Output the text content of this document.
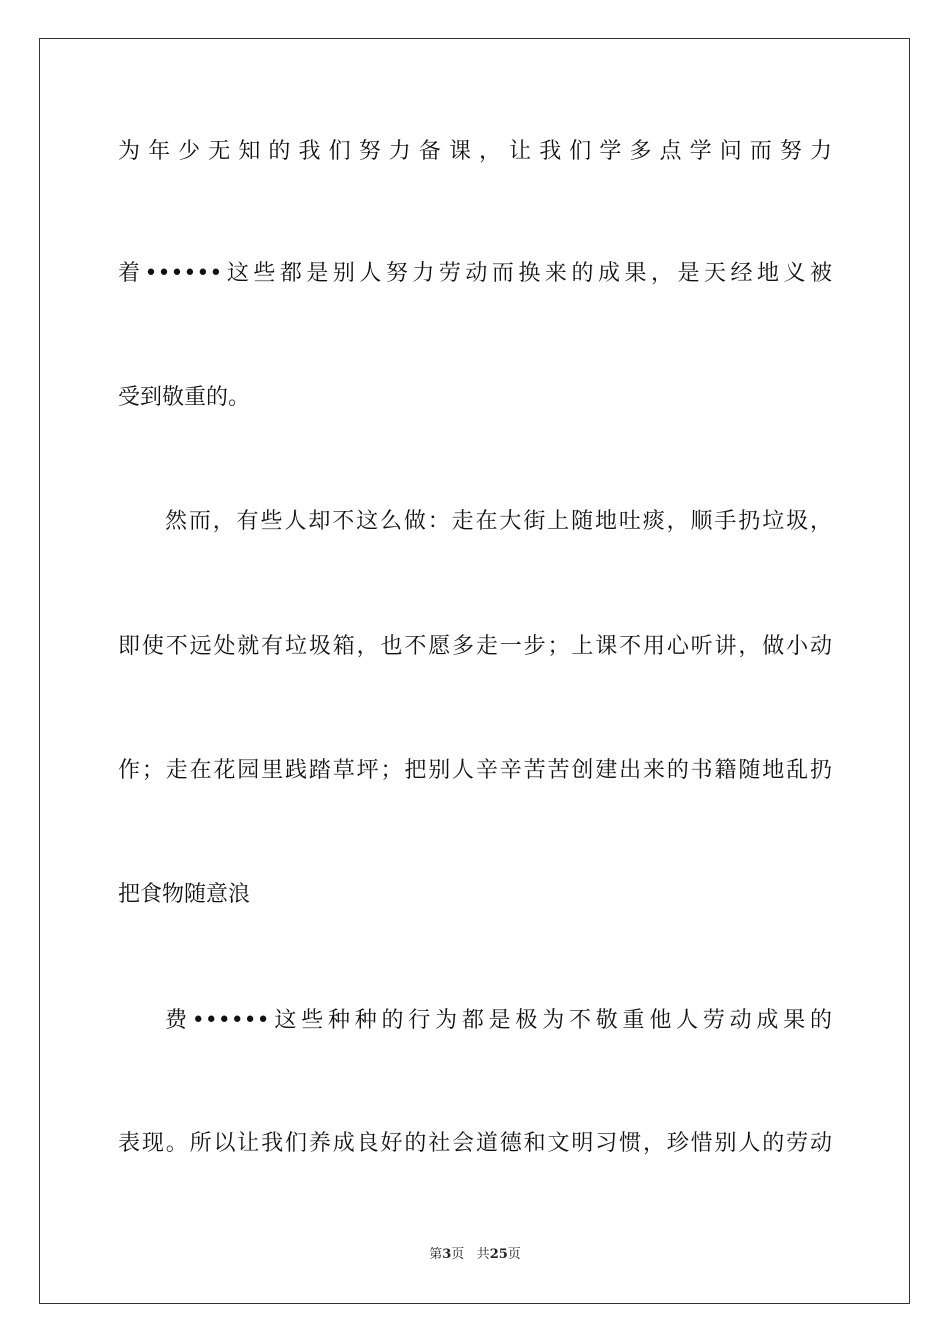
为年少无知的我们努力备课，让我们学多点学问而努力
着••••••这些都是别人努力劳动而换来的成果，是天经地义被
受到敬重的。
然而，有些人却不这么做：走在大街上随地吐痰，顺手扔垃圾，
即使不远处就有垃圾箱，也不愿多走一步；上课不用心听讲，做小动
作；走在花园里践踏草坪；把别人辛辛苦苦创建出来的书籍随地乱扔
把食物随意浪
费••••••这些种种的行为都是极为不敬重他人劳动成果的
表现。所以让我们养成良好的社会道德和文明习惯，珍惜别人的劳动
第3页 共25页
